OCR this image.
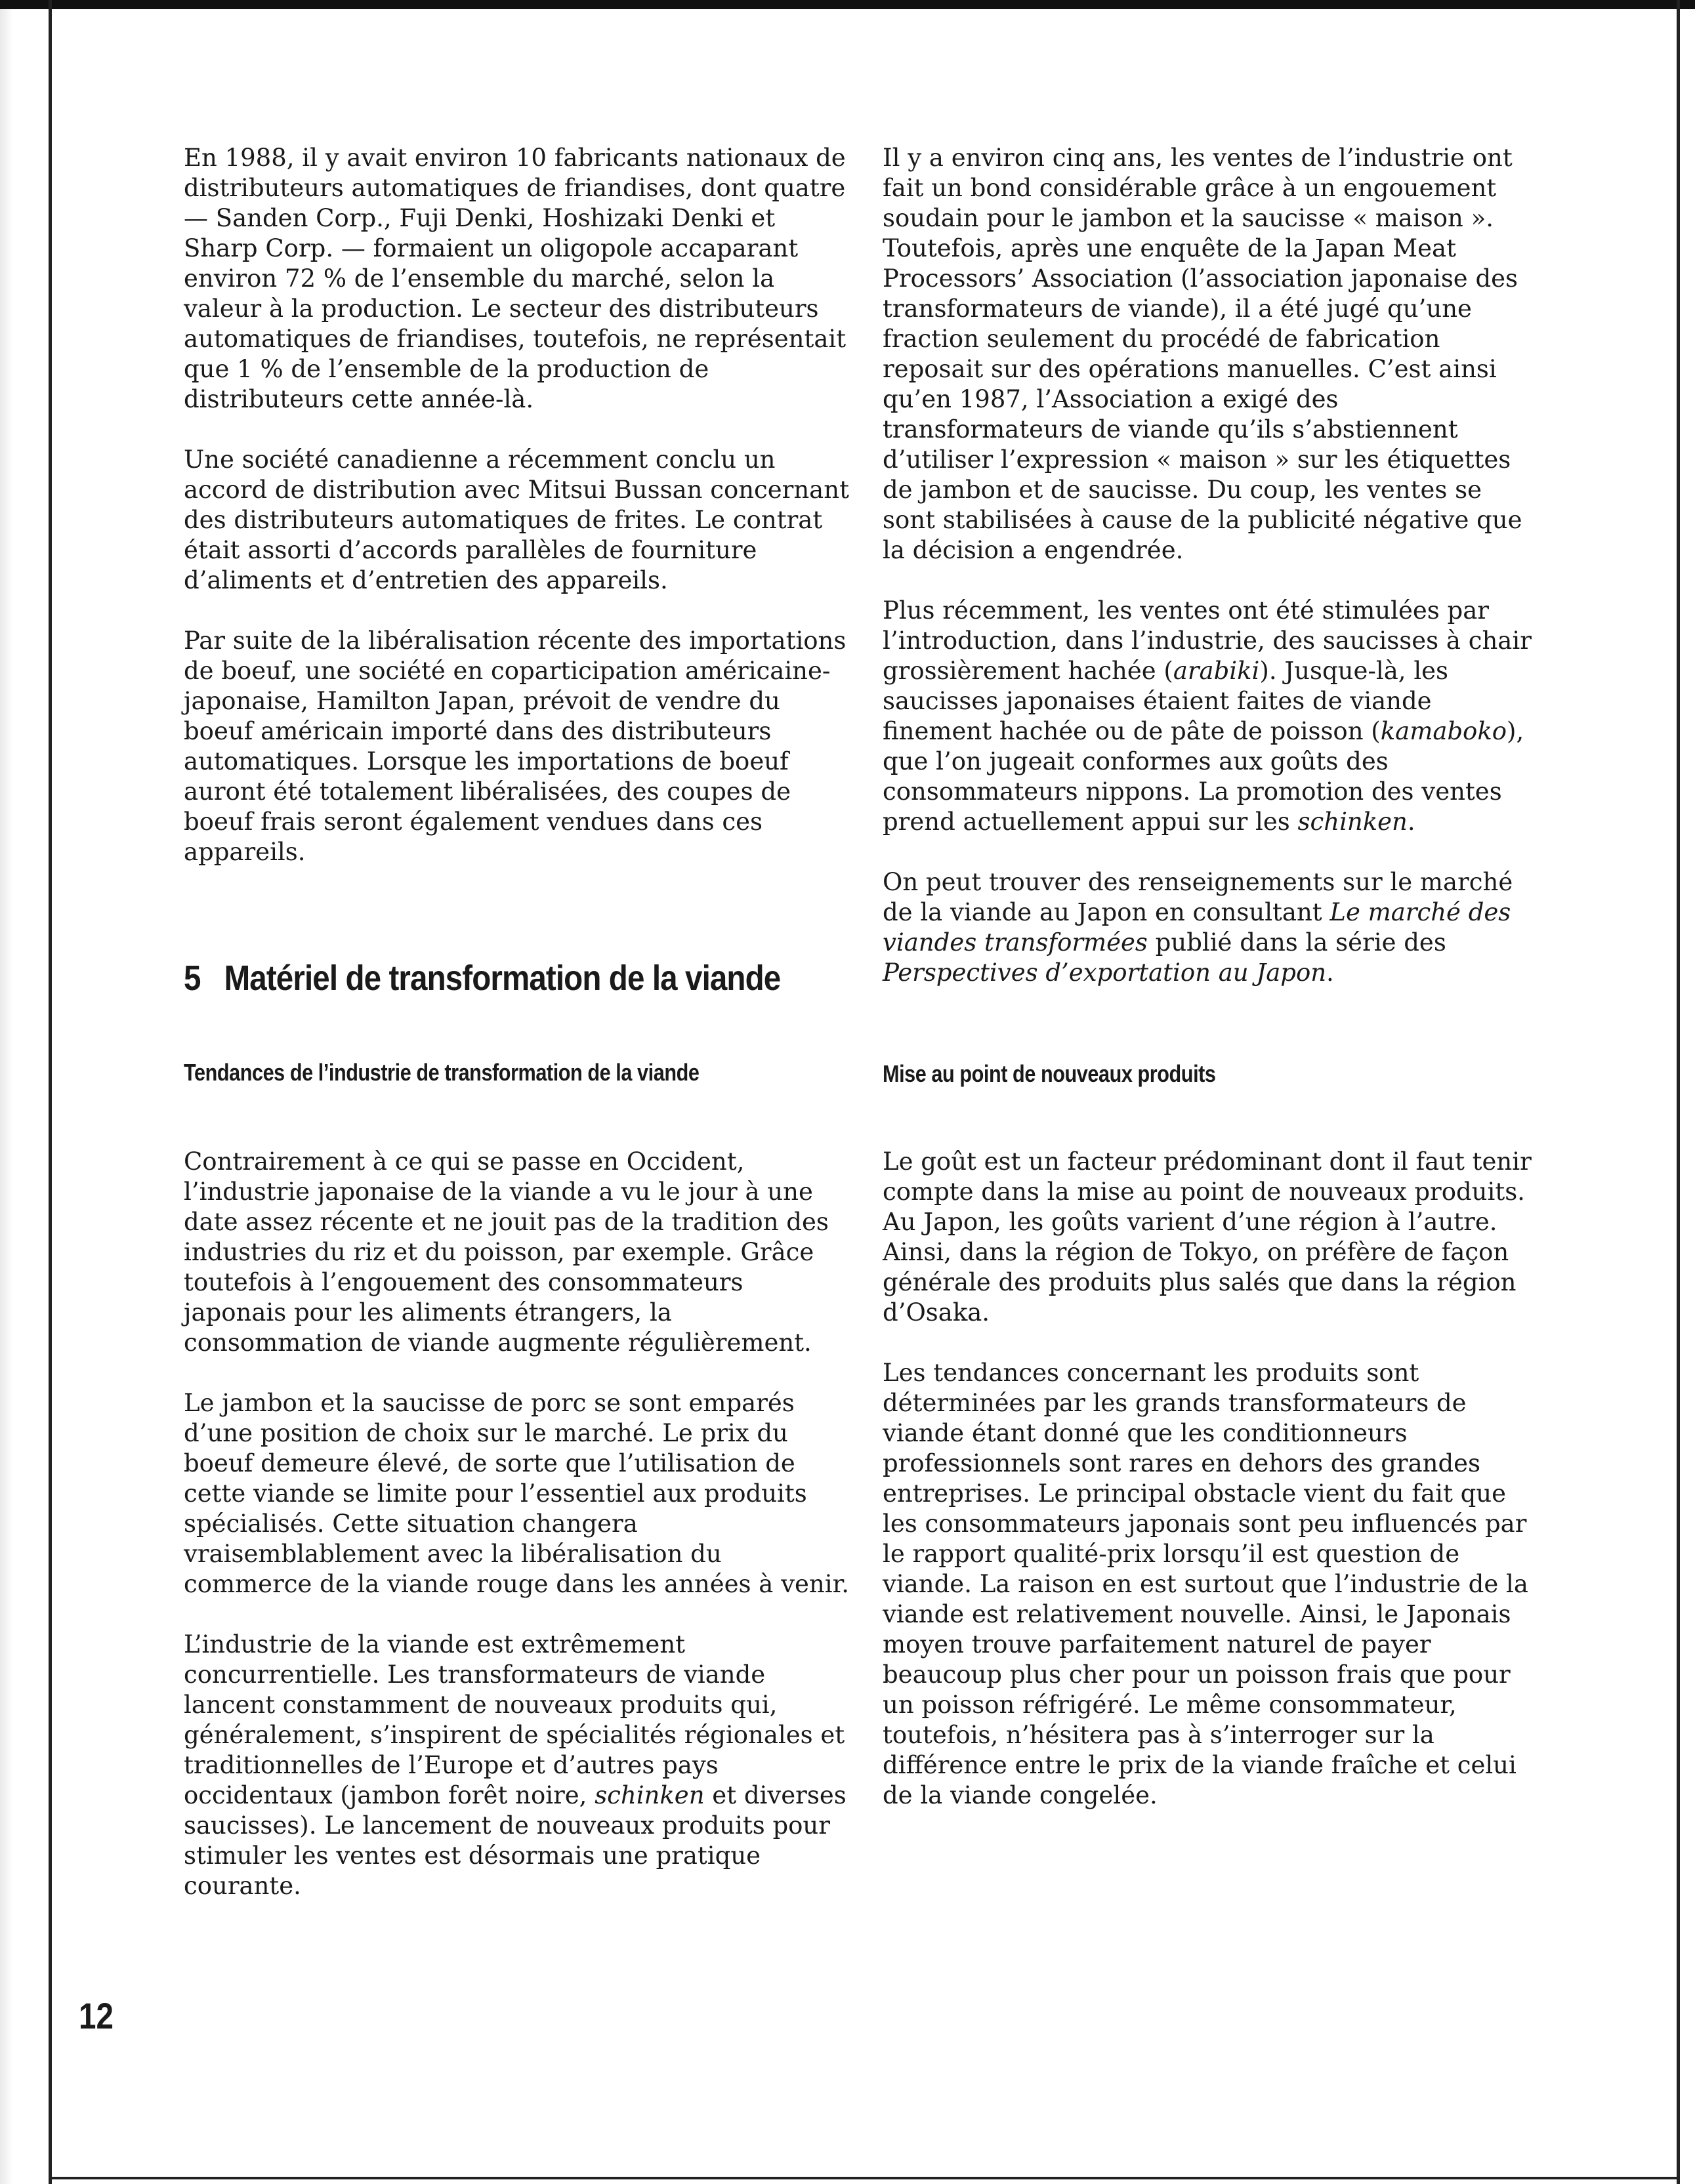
En 1988, il y avait environ 10 fabricants nationaux de distributeurs automatiques de friandises, dont quatre — Sanden Corp., Fuji Denki, Hoshizaki Denki et Sharp Corp. — formaient un oligopole accaparant environ 72 % de l’ensemble du marché, selon la valeur à la production. Le secteur des distributeurs automatiques de friandises, toutefois, ne représentait que 1 % de l’ensemble de la production de distributeurs cette année-là.

Une société canadienne a récemment conclu un accord de distribution avec Mitsui Bussan concernant des distributeurs automatiques de frites. Le contrat était assorti d’accords parallèles de fourniture d’aliments et d’entretien des appareils.

Par suite de la libéralisation récente des importations de boeuf, une société en coparticipation américaine-japonaise, Hamilton Japan, prévoit de vendre du boeuf américain importé dans des distributeurs automatiques. Lorsque les importations de boeuf auront été totalement libéralisées, des coupes de boeuf frais seront également vendues dans ces appareils.

5 Matériel de transformation de la viande
Tendances de l’industrie de transformation de la viande

Contrairement à ce qui se passe en Occident, l’industrie japonaise de la viande a vu le jour à une date assez récente et ne jouit pas de la tradition des industries du riz et du poisson, par exemple. Grâce toutefois à l’engouement des consommateurs japonais pour les aliments étrangers, la consommation de viande augmente régulièrement.

Le jambon et la saucisse de porc se sont emparés d’une position de choix sur le marché. Le prix du boeuf demeure élevé, de sorte que l’utilisation de cette viande se limite pour l’essentiel aux produits spécialisés. Cette situation changera vraisemblablement avec la libéralisation du commerce de la viande rouge dans les années à venir.

L’industrie de la viande est extrêmement concurrentielle. Les transformateurs de viande lancent constamment de nouveaux produits qui, généralement, s’inspirent de spécialités régionales et traditionnelles de l’Europe et d’autres pays occidentaux (jambon forêt noire, schinken et diverses saucisses). Le lancement de nouveaux produits pour stimuler les ventes est désormais une pratique courante.

Il y a environ cinq ans, les ventes de l’industrie ont fait un bond considérable grâce à un engouement soudain pour le jambon et la saucisse « maison ». Toutefois, après une enquête de la Japan Meat Processors’ Association (l’association japonaise des transformateurs de viande), il a été jugé qu’une fraction seulement du procédé de fabrication reposait sur des opérations manuelles. C’est ainsi qu’en 1987, l’Association a exigé des transformateurs de viande qu’ils s’abstiennent d’utiliser l’expression « maison » sur les étiquettes de jambon et de saucisse. Du coup, les ventes se sont stabilisées à cause de la publicité négative que la décision a engendrée.

Plus récemment, les ventes ont été stimulées par l’introduction, dans l’industrie, des saucisses à chair grossièrement hachée (arabiki). Jusque-là, les saucisses japonaises étaient faites de viande finement hachée ou de pâte de poisson (kamaboko), que l’on jugeait conformes aux goûts des consommateurs nippons. La promotion des ventes prend actuellement appui sur les schinken.

On peut trouver des renseignements sur le marché de la viande au Japon en consultant Le marché des viandes transformées publié dans la série des Perspectives d’exportation au Japon.

Mise au point de nouveaux produits

Le goût est un facteur prédominant dont il faut tenir compte dans la mise au point de nouveaux produits. Au Japon, les goûts varient d’une région à l’autre. Ainsi, dans la région de Tokyo, on préfère de façon générale des produits plus salés que dans la région d’Osaka.

Les tendances concernant les produits sont déterminées par les grands transformateurs de viande étant donné que les conditionneurs professionnels sont rares en dehors des grandes entreprises. Le principal obstacle vient du fait que les consommateurs japonais sont peu influencés par le rapport qualité-prix lorsqu’il est question de viande. La raison en est surtout que l’industrie de la viande est relativement nouvelle. Ainsi, le Japonais moyen trouve parfaitement naturel de payer beaucoup plus cher pour un poisson frais que pour un poisson réfrigéré. Le même consommateur, toutefois, n’hésitera pas à s’interroger sur la différence entre le prix de la viande fraîche et celui de la viande congelée.

12
